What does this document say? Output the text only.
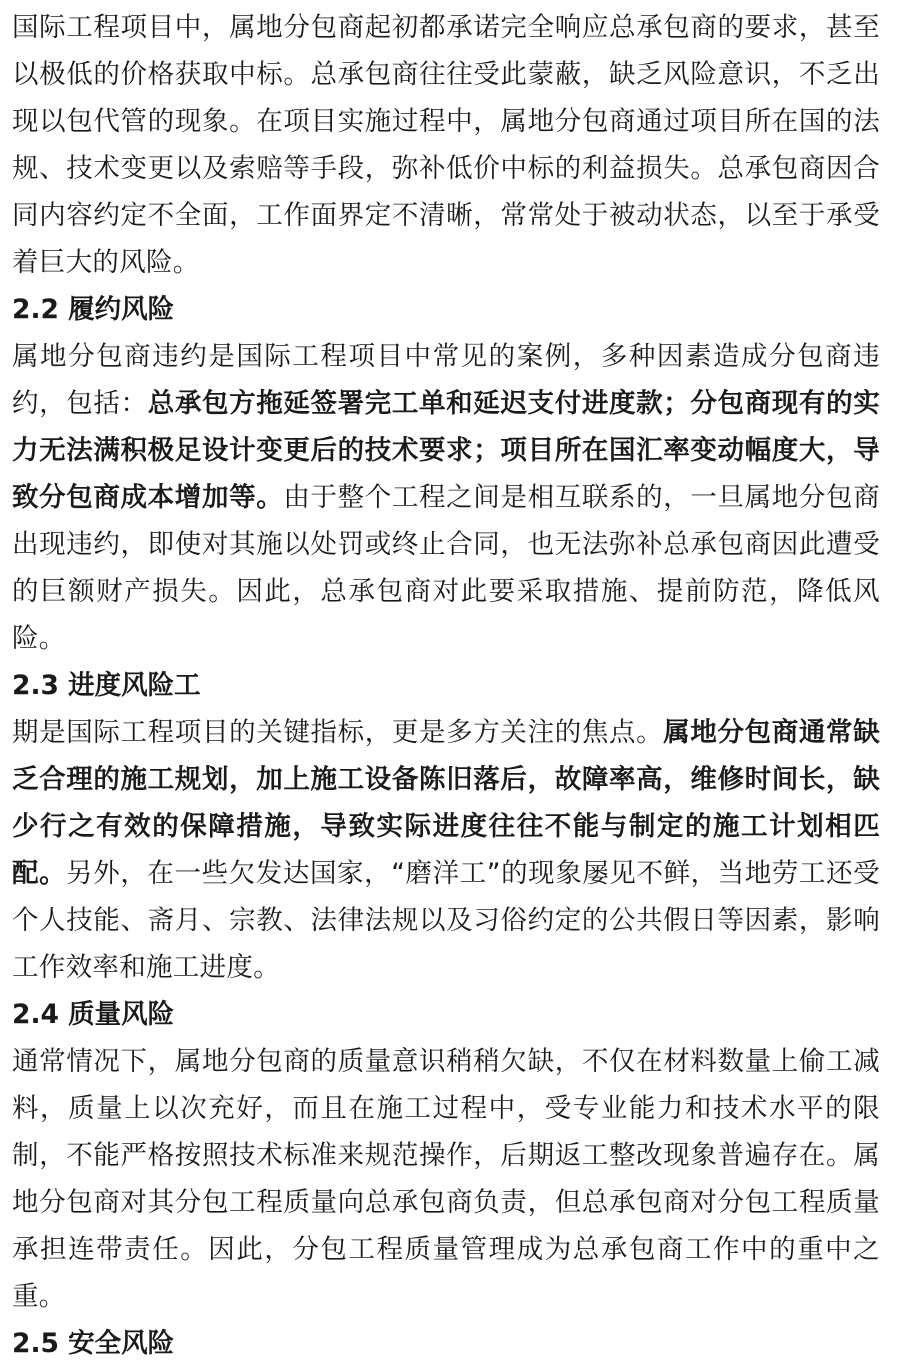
国际工程项目中，属地分包商起初都承诺完全响应总承包商的要求，甚至以极低的价格获取中标。总承包商往往受此蒙蔽，缺乏风险意识，不乏出现以包代管的现象。在项目实施过程中，属地分包商通过项目所在国的法规、技术变更以及索赔等手段，弥补低价中标的利益损失。总承包商因合同内容约定不全面，工作面界定不清晰，常常处于被动状态，以至于承受着巨大的风险。

2.2 履约风险

属地分包商违约是国际工程项目中常见的案例，多种因素造成分包商违约，包括：总承包方拖延签署完工单和延迟支付进度款；分包商现有的实力无法满积极足设计变更后的技术要求；项目所在国汇率变动幅度大，导致分包商成本增加等。由于整个工程之间是相互联系的，一旦属地分包商出现违约，即使对其施以处罚或终止合同，也无法弥补总承包商因此遭受的巨额财产损失。因此，总承包商对此要采取措施、提前防范，降低风险。

2.3 进度风险工

期是国际工程项目的关键指标，更是多方关注的焦点。属地分包商通常缺乏合理的施工规划，加上施工设备陈旧落后，故障率高，维修时间长，缺少行之有效的保障措施，导致实际进度往往不能与制定的施工计划相匹配。另外，在一些欠发达国家，“磨洋工”的现象屡见不鲜，当地劳工还受个人技能、斋月、宗教、法律法规以及习俗约定的公共假日等因素，影响工作效率和施工进度。

2.4 质量风险

通常情况下，属地分包商的质量意识稍稍欠缺，不仅在材料数量上偷工减料，质量上以次充好，而且在施工过程中，受专业能力和技术水平的限制，不能严格按照技术标准来规范操作，后期返工整改现象普遍存在。属地分包商对其分包工程质量向总承包商负责，但总承包商对分包工程质量承担连带责任。因此，分包工程质量管理成为总承包商工作中的重中之重。

2.5 安全风险
